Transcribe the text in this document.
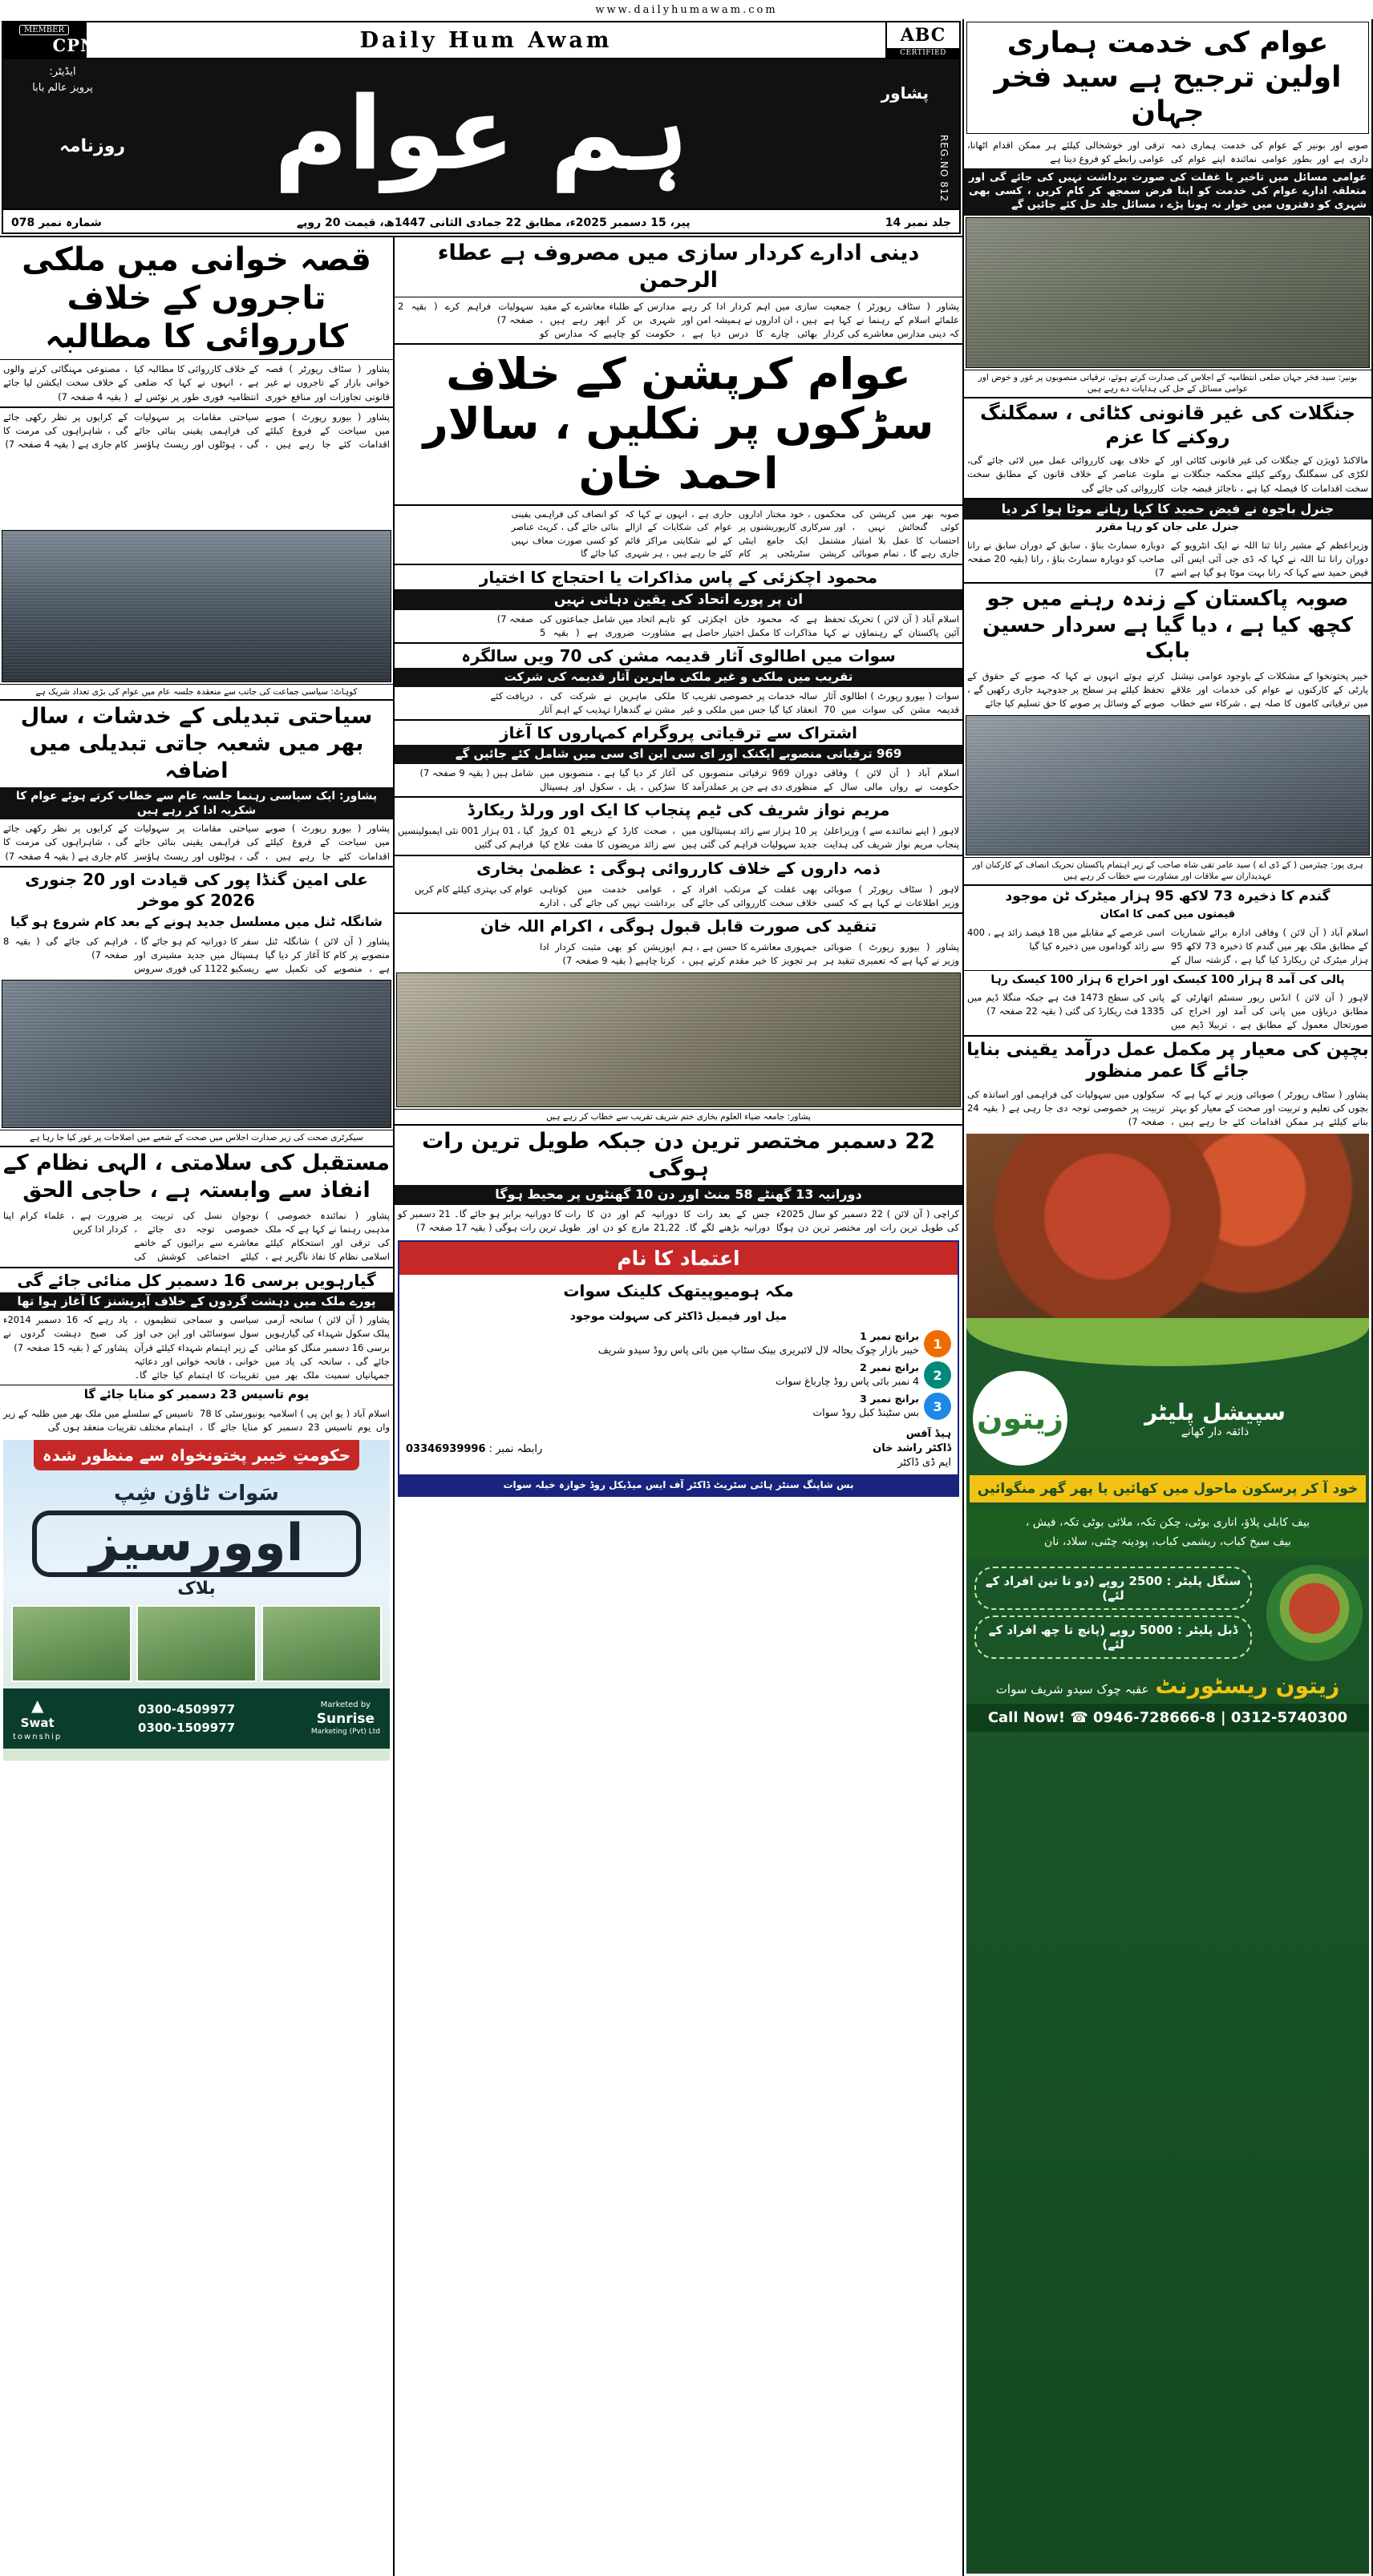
www.dailyhumawam.com
ABC
CERTIFIED
Daily Hum Awam
MEMBER
CPNE
ایڈیٹر:
پرویز عالم بابا	پشاور
ہم عوام
روزنامہ	REG.NO 812
جلد نمبر 14
پیر، 15 دسمبر 2025ء، مطابق 22 جمادی الثانی 1447ھ، قیمت 20 روپے
شمارہ نمبر 078
دینی ادارے کردار سازی میں مصروف ہے عطاء الرحمن
پشاور ( سٹاف رپورٹر ) جمعیت علمائے اسلام کے رہنما نے کہا ہے کہ دینی مدارس معاشرے کی کردار سازی میں اہم کردار ادا کر رہے ہیں ، ان اداروں نے ہمیشہ امن اور بھائی چارے کا درس دیا ہے ، مدارس کے طلباء معاشرے کے مفید شہری بن کر ابھر رہے ہیں ، حکومت کو چاہیے کہ مدارس کو سہولیات فراہم کرے ( بقیہ 2 صفحہ 7)
عوام کرپشن کے خلاف سڑکوں پر نکلیں ، سالار احمد خان
صوبہ بھر میں کرپشن کی کوئی گنجائش نہیں ، احتساب کا عمل بلا امتیاز جاری رہے گا ، تمام صوبائی محکموں ، خود مختار اداروں اور سرکاری کارپوریشنوں پر مشتمل ایک جامع اینٹی کرپشن سٹریٹجی پر کام جاری ہے ، انہوں نے کہا کہ عوام کی شکایات کے ازالے کے لیے شکایتی مراکز قائم کئے جا رہے ہیں ، ہر شہری کو انصاف کی فراہمی یقینی بنائی جائے گی ، کرپٹ عناصر کو کسی صورت معاف نہیں کیا جائے گا
محمود اچکزئی کے پاس مذاکرات یا احتجاج کا اختیار
ان پر پورے اتحاد کی یقین دہانی نہیں
اسلام آباد ( آن لائن ) تحریک تحفظ آئین پاکستان کے رہنماؤں نے کہا ہے کہ محمود خان اچکزئی کو مذاکرات کا مکمل اختیار حاصل ہے تاہم اتحاد میں شامل جماعتوں کی مشاورت ضروری ہے ( بقیہ 5 صفحہ 7)
سوات میں اطالوی آثار قدیمہ مشن کی 70 ویں سالگرہ
تقریب میں ملکی و غیر ملکی ماہرین آثار قدیمہ کی شرکت
سوات ( بیورو رپورٹ ) اطالوی آثار قدیمہ مشن کی سوات میں 70 سالہ خدمات پر خصوصی تقریب کا انعقاد کیا گیا جس میں ملکی و غیر ملکی ماہرین نے شرکت کی ، مشن نے گندھارا تہذیب کے اہم آثار دریافت کئے
اشتراک سے ترقیاتی پروگرام کمہاروں کا آغاز
969 ترقیاتی منصوبے ایکنک اور ای سی این ای سی میں شامل کئے جائیں گے
اسلام آباد ( آن لائن ) وفاقی حکومت نے رواں مالی سال کے دوران 969 ترقیاتی منصوبوں کی منظوری دی ہے جن پر عملدرآمد کا آغاز کر دیا گیا ہے ، منصوبوں میں سڑکیں ، پل ، سکول اور ہسپتال شامل ہیں ( بقیہ 9 صفحہ 7)
مریم نواز شریف کی ٹیم پنجاب کا ایک اور ورلڈ ریکارڈ
لاہور ( اپنے نمائندے سے ) وزیراعلیٰ پنجاب مریم نواز شریف کی ہدایت پر 10 ہزار سے زائد ہسپتالوں میں جدید سہولیات فراہم کی گئی ہیں ، صحت کارڈ کے ذریعے 01 کروڑ سے زائد مریضوں کا مفت علاج کیا گیا ، 01 ہزار 001 نئی ایمبولینسیں فراہم کی گئیں
ذمہ داروں کے خلاف کارروائی ہوگی : عظمیٰ بخاری
لاہور ( سٹاف رپورٹر ) صوبائی وزیر اطلاعات نے کہا ہے کہ کسی بھی غفلت کے مرتکب افراد کے خلاف سخت کارروائی کی جائے گی ، عوامی خدمت میں کوتاہی برداشت نہیں کی جائے گی ، ادارے عوام کی بہتری کیلئے کام کریں
تنقید کی صورت قابل قبول ہوگی ، اکرام اللہ خان
پشاور ( بیورو رپورٹ ) صوبائی وزیر نے کہا ہے کہ تعمیری تنقید ہر جمہوری معاشرے کا حسن ہے ، ہم ہر تجویز کا خیر مقدم کرتے ہیں ، اپوزیشن کو بھی مثبت کردار ادا کرنا چاہیے ( بقیہ 9 صفحہ 7)
پشاور: جامعہ ضیاء العلوم بخاری ختم شریف تقریب سے خطاب کر رہے ہیں
22 دسمبر مختصر ترین دن جبکہ طویل ترین رات ہوگی
دورانیہ 13 گھنٹے 58 منٹ اور دن 10 گھنٹوں پر محیط ہوگا
کراچی ( آن لائن ) 22 دسمبر کو سال 2025ء کی طویل ترین رات اور مختصر ترین دن ہوگا جس کے بعد رات کا دورانیہ کم اور دن کا دورانیہ بڑھنے لگے گا۔ 21,22 مارچ کو دن اور رات کا دورانیہ برابر ہو جائے گا۔ 21 دسمبر کو طویل ترین رات ہوگی ( بقیہ 17 صفحہ 7)
اعتماد کا نام
مکہ ہومیوپیتھک کلینک سوات
میل اور فیمیل ڈاکٹر کی سہولت موجود
1
برانچ نمبر 1
خیبر بازار چوک بحالہ لال لائبریری بینک سٹاپ مین بائی پاس روڈ سیدو شریف
2
برانچ نمبر 2
4 نمبر بائی پاس روڈ چارباغ سوات
3
برانچ نمبر 3
بس سٹینڈ کبل روڈ سوات
ہیڈ آفس
ڈاکٹر راشد خان
ایم ڈی ڈاکٹر
رابطہ نمبر : 03346939996
بس شاپنگ سنٹر ہائی سٹریٹ ڈاکٹر آف ایس میڈیکل روڈ خوازہ خیلہ سوات
قصہ خوانی میں ملکی تاجروں کے خلاف کارروائی کا مطالبہ
پشاور ( سٹاف رپورٹر ) قصہ خوانی بازار کے تاجروں نے غیر قانونی تجاوزات اور منافع خوری کے خلاف کارروائی کا مطالبہ کیا ہے ، انہوں نے کہا کہ ضلعی انتظامیہ فوری طور پر نوٹس لے ، مصنوعی مہنگائی کرنے والوں کے خلاف سخت ایکشن لیا جائے ( بقیہ 4 صفحہ 7)
پشاور ( بیورو رپورٹ ) صوبے میں سیاحت کے فروغ کیلئے اقدامات کئے جا رہے ہیں ، سیاحتی مقامات پر سہولیات کی فراہمی یقینی بنائی جائے گی ، ہوٹلوں اور ریسٹ ہاؤسز کے کرایوں پر نظر رکھی جائے گی ، شاہراہوں کی مرمت کا کام جاری ہے ( بقیہ 4 صفحہ 7)
کوہاٹ: سیاسی جماعت کی جانب سے منعقدہ جلسہ عام میں عوام کی بڑی تعداد شریک ہے
سیاحتی تبدیلی کے خدشات ، سال بھر میں شعبہ جاتی تبدیلی میں اضافہ
پشاور: ایک سیاسی رہنما جلسہ عام سے خطاب کرتے ہوئے عوام کا شکریہ ادا کر رہے ہیں
پشاور ( بیورو رپورٹ ) صوبے میں سیاحت کے فروغ کیلئے اقدامات کئے جا رہے ہیں ، سیاحتی مقامات پر سہولیات کی فراہمی یقینی بنائی جائے گی ، ہوٹلوں اور ریسٹ ہاؤسز کے کرایوں پر نظر رکھی جائے گی ، شاہراہوں کی مرمت کا کام جاری ہے ( بقیہ 4 صفحہ 7)
علی امین گنڈا پور کی قیادت اور 20 جنوری 2026 کو موخر
شانگلہ ٹنل میں مسلسل جدید ہونے کے بعد کام شروع ہو گیا
پشاور ( آن لائن ) شانگلہ ٹنل منصوبے پر کام کا آغاز کر دیا گیا ہے ، منصوبے کی تکمیل سے سفر کا دورانیہ کم ہو جائے گا ، ہسپتال میں جدید مشینری اور ریسکیو 1122 کی فوری سروس فراہم کی جائے گی ( بقیہ 8 صفحہ 7)
سیکرٹری صحت کی زیر صدارت اجلاس میں صحت کے شعبے میں اصلاحات پر غور کیا جا رہا ہے
مستقبل کی سلامتی ، الہی نظام کے انفاذ سے وابستہ ہے ، حاجی الحق
پشاور ( نمائندہ خصوصی ) مذہبی رہنما نے کہا ہے کہ ملک کی ترقی اور استحکام کیلئے اسلامی نظام کا نفاذ ناگزیر ہے ، نوجوان نسل کی تربیت پر خصوصی توجہ دی جائے ، معاشرے سے برائیوں کے خاتمے کیلئے اجتماعی کوشش کی ضرورت ہے ، علماء کرام اپنا کردار ادا کریں
گیارہویں برسی 16 دسمبر کل منائی جائے گی
پورے ملک میں دہشت گردوں کے خلاف آپریشنز کا آغاز ہوا تھا
پشاور ( آن لائن ) سانحہ آرمی پبلک سکول شہداء کی گیارہویں برسی 16 دسمبر منگل کو منائی جائے گی ، سانحہ کی یاد میں جمہانیاں سمیت ملک بھر میں سیاسی و سماجی تنظیموں ، سول سوسائٹی اور این جی اوز کے زیر اہتمام شہداء کیلئے قرآن خوانی ، فاتحہ خوانی اور دعائیہ تقریبات کا اہتمام کیا جائے گا۔ یاد رہے کہ 16 دسمبر 2014ء کی صبح دہشت گردوں نے پشاور کے ( بقیہ 15 صفحہ 7)
یوم تاسیس 23 دسمبر کو منایا جائے گا
اسلام آباد ( یو این پی ) اسلامیہ یونیورسٹی کا 78 واں یوم تاسیس 23 دسمبر کو منایا جائے گا ، تاسیس کے سلسلے میں ملک بھر میں طلبہ کے زیر اہتمام مختلف تقریبات منعقد ہوں گی
حکومتِ خیبر پختونخواہ سے منظور شدہ
سَوات ٹاؤن شِپ
اوورسیز
بلاک
Marketed by
Sunrise
Marketing (Pvt) Ltd
0300-4509977
0300-1509977
▲
Swat
township
عوام کی خدمت ہماری اولین ترجیح ہے سید فخر جہان
صوبے اور بونیر کے عوام کی خدمت ہماری ذمہ داری ہے اور بطور عوامی نمائندہ اپنے عوام کی ترقی اور خوشحالی کیلئے ہر ممکن اقدام اٹھانا، عوامی رابطے کو فروغ دینا ہے
عوامی مسائل میں تاخیر یا غفلت کی صورت برداشت نہیں کی جائے گی اور متعلقہ ادارے عوام کی خدمت کو اپنا فرض سمجھ کر کام کریں ، کسی بھی شہری کو دفتروں میں خوار نہ ہونا پڑے ، مسائل جلد حل کئے جائیں گے
بونیر: سید فخر جہان ضلعی انتظامیہ کے اجلاس کی صدارت کرتے ہوئے، ترقیاتی منصوبوں پر غور و خوض اور عوامی مسائل کے حل کی ہدایات دے رہے ہیں
جنگلات کی غیر قانونی کٹائی ، سمگلنگ روکنے کا عزم
مالاکنڈ ڈویژن کے جنگلات کی غیر قانونی کٹائی اور لکڑی کی سمگلنگ روکنے کیلئے محکمہ جنگلات نے سخت اقدامات کا فیصلہ کیا ہے ، ناجائز قبضہ جات کے خلاف بھی کارروائی عمل میں لائی جائے گی، ملوث عناصر کے خلاف قانون کے مطابق سخت کارروائی کی جائے گی
جنرل باجوہ نے فیض حمید کا کہا رہانے موٹا ہوا کر دیا
جنرل علی جان کو رہا مقرر
وزیراعظم کے مشیر رانا ثنا اللہ نے ایک انٹرویو کے دوران رانا ثنا اللہ نے کہا کہ ڈی جی آئی ایس آئی فیض حمید سے کہا کہ رانا بہت موٹا ہو گیا ہے اسے دوبارہ سمارٹ بناؤ ، سابق کے دوران سابق نے رانا صاحب کو دوبارہ سمارٹ بناؤ ، رانا (بقیہ 20 صفحہ 7)
صوبہ پاکستان کے زندہ رہنے میں جو کچھ کیا ہے ، دیا گیا ہے سردار حسین بابک
خیبر پختونخوا کے مشکلات کے باوجود عوامی نیشنل پارٹی کے کارکنوں نے عوام کی خدمات اور علاقے میں ترقیاتی کاموں کا صلہ ہے ، شرکاء سے خطاب کرتے ہوئے انہوں نے کہا کہ صوبے کے حقوق کے تحفظ کیلئے ہر سطح پر جدوجہد جاری رکھیں گے ، صوبے کے وسائل پر صوبے کا حق تسلیم کیا جائے
ہری پور: چیئرمین ( کے ڈی اے ) سید عامر تقی شاہ صاحب کے زیر اہتمام پاکستان تحریک انصاف کے کارکنان اور عہدیداران سے ملاقات اور مشاورت سے خطاب کر رہے ہیں
گندم کا ذخیرہ 73 لاکھ 95 ہزار میٹرک ٹن موجود
قیمتوں میں کمی کا امکان
اسلام آباد ( آن لائن ) وفاقی ادارہ برائے شماریات کے مطابق ملک بھر میں گندم کا ذخیرہ 73 لاکھ 95 ہزار میٹرک ٹن ریکارڈ کیا گیا ہے ، گزشتہ سال کے اسی عرصے کے مقابلے میں 18 فیصد زائد ہے ، 400 سے زائد گوداموں میں ذخیرہ کیا گیا
پالی کی آمد 8 ہزار 100 کیسک اور اخراج 6 ہزار 100 کیسک رہا
لاہور ( آن لائن ) انڈس ریور سسٹم اتھارٹی کے مطابق دریاؤں میں پانی کی آمد اور اخراج کی صورتحال معمول کے مطابق ہے ، تربیلا ڈیم میں پانی کی سطح 1473 فٹ ہے جبکہ منگلا ڈیم میں 1335 فٹ ریکارڈ کی گئی ( بقیہ 22 صفحہ 7)
بچپن کی معیار پر مکمل عمل درآمد یقینی بنایا جائے گا عمر منظور
پشاور ( سٹاف رپورٹر ) صوبائی وزیر نے کہا ہے کہ بچوں کی تعلیم و تربیت اور صحت کے معیار کو بہتر بنانے کیلئے ہر ممکن اقدامات کئے جا رہے ہیں ، سکولوں میں سہولیات کی فراہمی اور اساتذہ کی تربیت پر خصوصی توجہ دی جا رہی ہے ( بقیہ 24 صفحہ 7)
سپیشل پلیٹر
ذائقہ دار کھانے
زیتون
خود آ کر پرسکون ماحول میں کھائیں یا پھر گھر منگوائیں
بیف کابلی پلاؤ، اناری بوٹی، چکن تکہ، ملائی بوٹی تکہ، فیش ،
بیف سیخ کباب، ریشمی کباب، پودینہ چٹنی، سلاد، نان
سنگل پلیٹر : 2500 روپے (دو تا تین افراد کے لئے)
ڈبل پلیٹر : 5000 روپے (پانچ تا چھ افراد کے لئے)
زیتون ریسٹورنٹ
عقبہ چوک سیدو شریف سوات
Call Now! ☎ 0946-728666-8 | 0312-5740300
